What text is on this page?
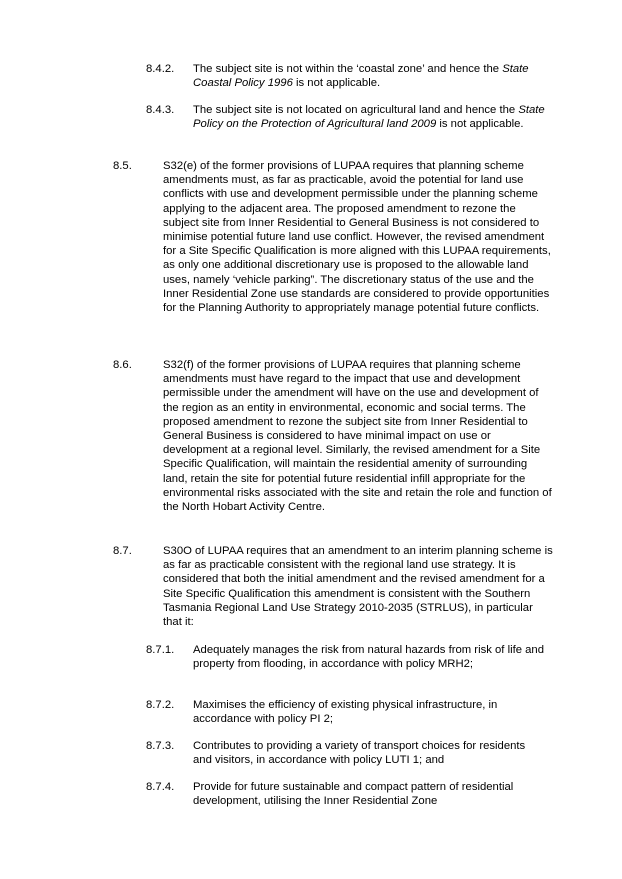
8.4.2. The subject site is not within the ‘coastal zone’ and hence the State Coastal Policy 1996 is not applicable.

8.4.3. The subject site is not located on agricultural land and hence the State Policy on the Protection of Agricultural land 2009 is not applicable.

8.5.	S32(e) of the former provisions of LUPAA requires that planning scheme amendments must, as far as practicable, avoid the potential for land use conflicts with use and development permissible under the planning scheme applying to the adjacent area. The proposed amendment to rezone the subject site from Inner Residential to General Business is not considered to minimise potential future land use conflict. However, the revised amendment for a Site Specific Qualification is more aligned with this LUPAA requirements, as only one additional discretionary use is proposed to the allowable land uses, namely ‘vehicle parking”. The discretionary status of the use and the Inner Residential Zone use standards are considered to provide opportunities for the Planning Authority to appropriately manage potential future conflicts.

8.6.	S32(f) of the former provisions of LUPAA requires that planning scheme amendments must have regard to the impact that use and development permissible under the amendment will have on the use and development of the region as an entity in environmental, economic and social terms. The proposed amendment to rezone the subject site from Inner Residential to General Business is considered to have minimal impact on use or development at a regional level. Similarly, the revised amendment for a Site Specific Qualification, will maintain the residential amenity of surrounding land, retain the site for potential future residential infill appropriate for the environmental risks associated with the site and retain the role and function of the North Hobart Activity Centre.

8.7.	S30O of LUPAA requires that an amendment to an interim planning scheme is as far as practicable consistent with the regional land use strategy. It is considered that both the initial amendment and the revised amendment for a Site Specific Qualification this amendment is consistent with the Southern Tasmania Regional Land Use Strategy 2010-2035 (STRLUS), in particular that it:

8.7.1. Adequately manages the risk from natural hazards from risk of life and property from flooding, in accordance with policy MRH2;

8.7.2. Maximises the efficiency of existing physical infrastructure, in accordance with policy PI 2;

8.7.3. Contributes to providing a variety of transport choices for residents and visitors, in accordance with policy LUTI 1; and

8.7.4. Provide for future sustainable and compact pattern of residential development, utilising the Inner Residential Zone
